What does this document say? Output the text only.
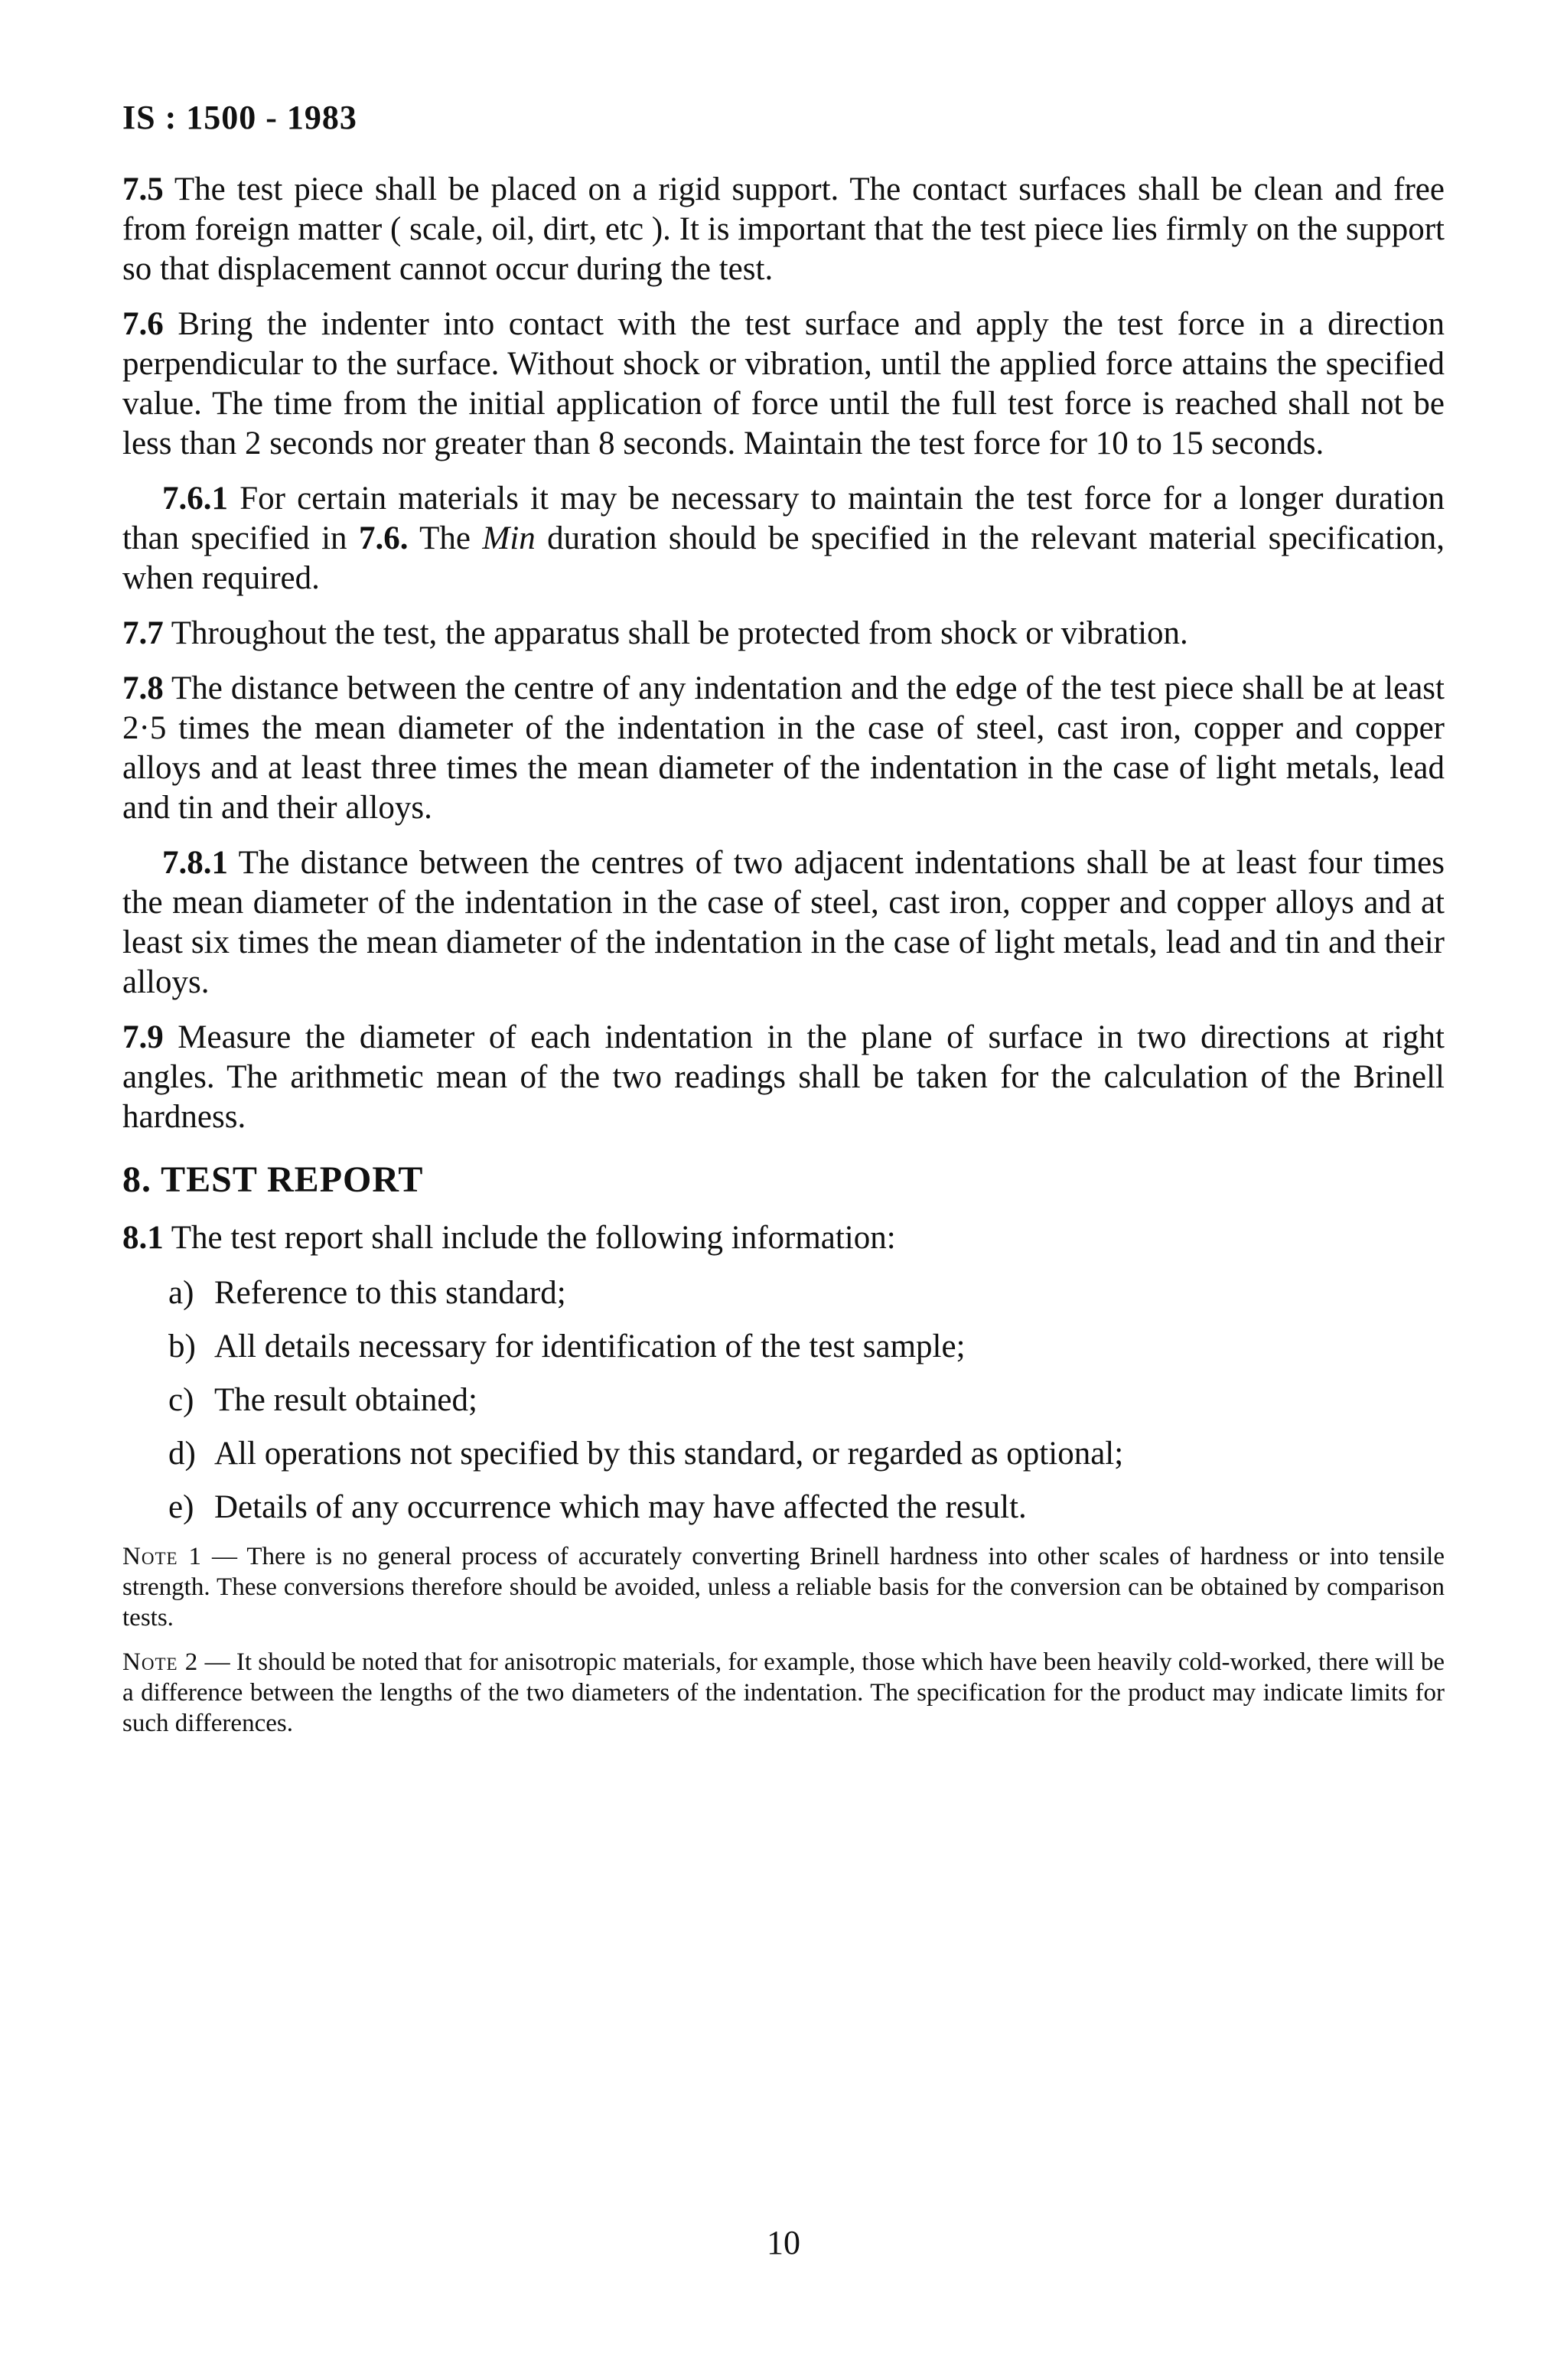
IS : 1500 - 1983

7.5 The test piece shall be placed on a rigid support. The contact surfaces shall be clean and free from foreign matter ( scale, oil, dirt, etc ). It is important that the test piece lies firmly on the support so that displacement cannot occur during the test.

7.6 Bring the indenter into contact with the test surface and apply the test force in a direction perpendicular to the surface. Without shock or vibration, until the applied force attains the specified value. The time from the initial application of force until the full test force is reached shall not be less than 2 seconds nor greater than 8 seconds. Maintain the test force for 10 to 15 seconds.

7.6.1 For certain materials it may be necessary to maintain the test force for a longer duration than specified in 7.6. The Min duration should be specified in the relevant material specification, when required.

7.7 Throughout the test, the apparatus shall be protected from shock or vibration.

7.8 The distance between the centre of any indentation and the edge of the test piece shall be at least 2·5 times the mean diameter of the indentation in the case of steel, cast iron, copper and copper alloys and at least three times the mean diameter of the indentation in the case of light metals, lead and tin and their alloys.

7.8.1 The distance between the centres of two adjacent indentations shall be at least four times the mean diameter of the indentation in the case of steel, cast iron, copper and copper alloys and at least six times the mean diameter of the indentation in the case of light metals, lead and tin and their alloys.

7.9 Measure the diameter of each indentation in the plane of surface in two directions at right angles. The arithmetic mean of the two readings shall be taken for the calculation of the Brinell hardness.

8. TEST REPORT

8.1 The test report shall include the following information:

a) Reference to this standard;
b) All details necessary for identification of the test sample;
c) The result obtained;
d) All operations not specified by this standard, or regarded as optional;
e) Details of any occurrence which may have affected the result.

Note 1 — There is no general process of accurately converting Brinell hardness into other scales of hardness or into tensile strength. These conversions therefore should be avoided, unless a reliable basis for the conversion can be obtained by comparison tests.

Note 2 — It should be noted that for anisotropic materials, for example, those which have been heavily cold-worked, there will be a difference between the lengths of the two diameters of the indentation. The specification for the product may indicate limits for such differences.

10
